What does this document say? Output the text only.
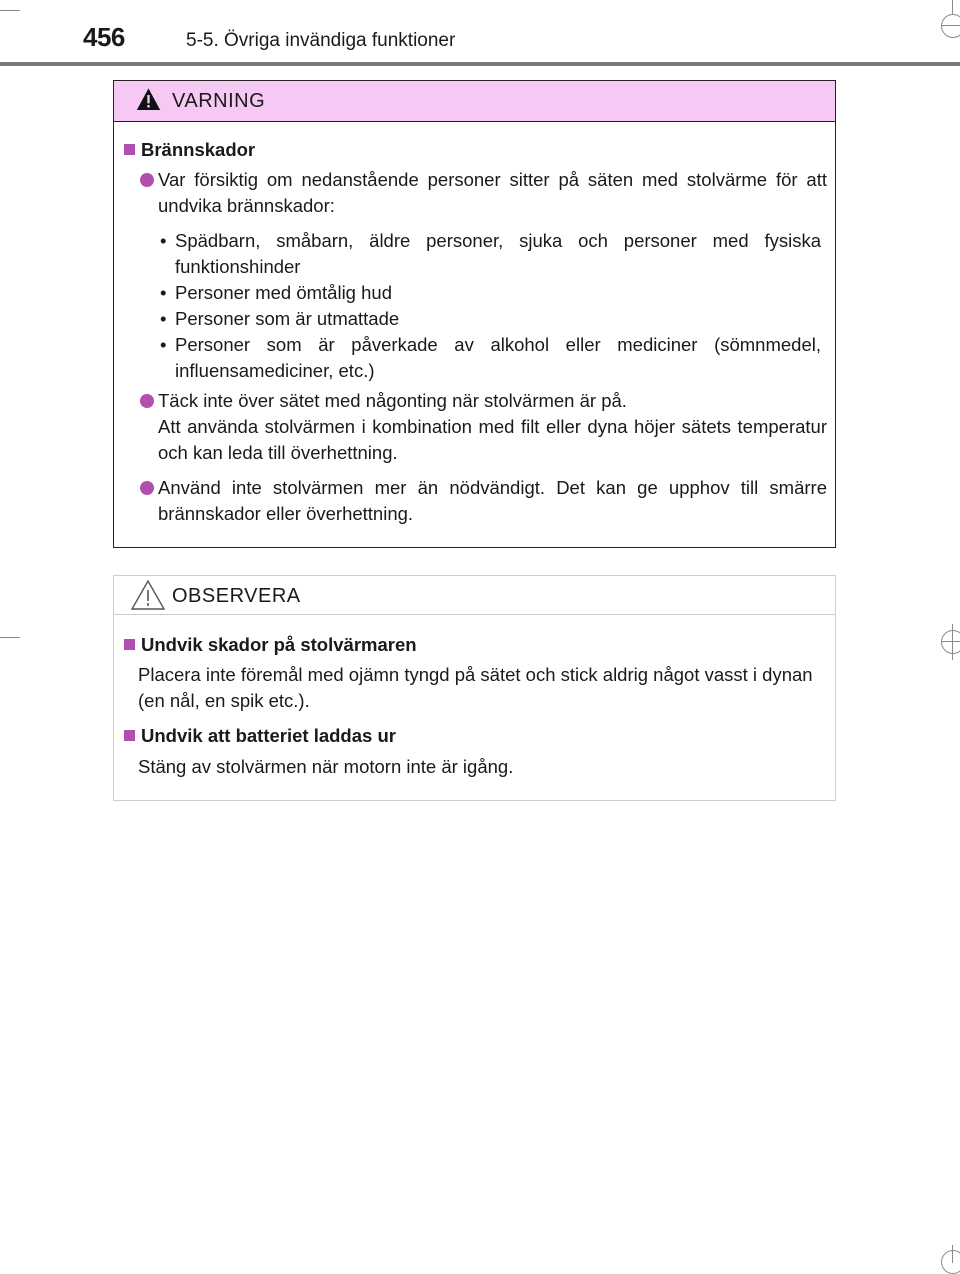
456	5-5. Övriga invändiga funktioner
VARNING
Brännskador
Var försiktig om nedanstående personer sitter på säten med stolvärme för att undvika brännskador:
• Spädbarn, småbarn, äldre personer, sjuka och personer med fysiska funktionshinder
• Personer med ömtålig hud
• Personer som är utmattade
• Personer som är påverkade av alkohol eller mediciner (sömnmedel, influensamediciner, etc.)
Täck inte över sätet med någonting när stolvärmen är på.
Att använda stolvärmen i kombination med filt eller dyna höjer sätets temperatur och kan leda till överhettning.
Använd inte stolvärmen mer än nödvändigt. Det kan ge upphov till smärre brännskador eller överhettning.
OBSERVERA
Undvik skador på stolvärmaren
Placera inte föremål med ojämn tyngd på sätet och stick aldrig något vasst i dynan (en nål, en spik etc.).
Undvik att batteriet laddas ur
Stäng av stolvärmen när motorn inte är igång.
